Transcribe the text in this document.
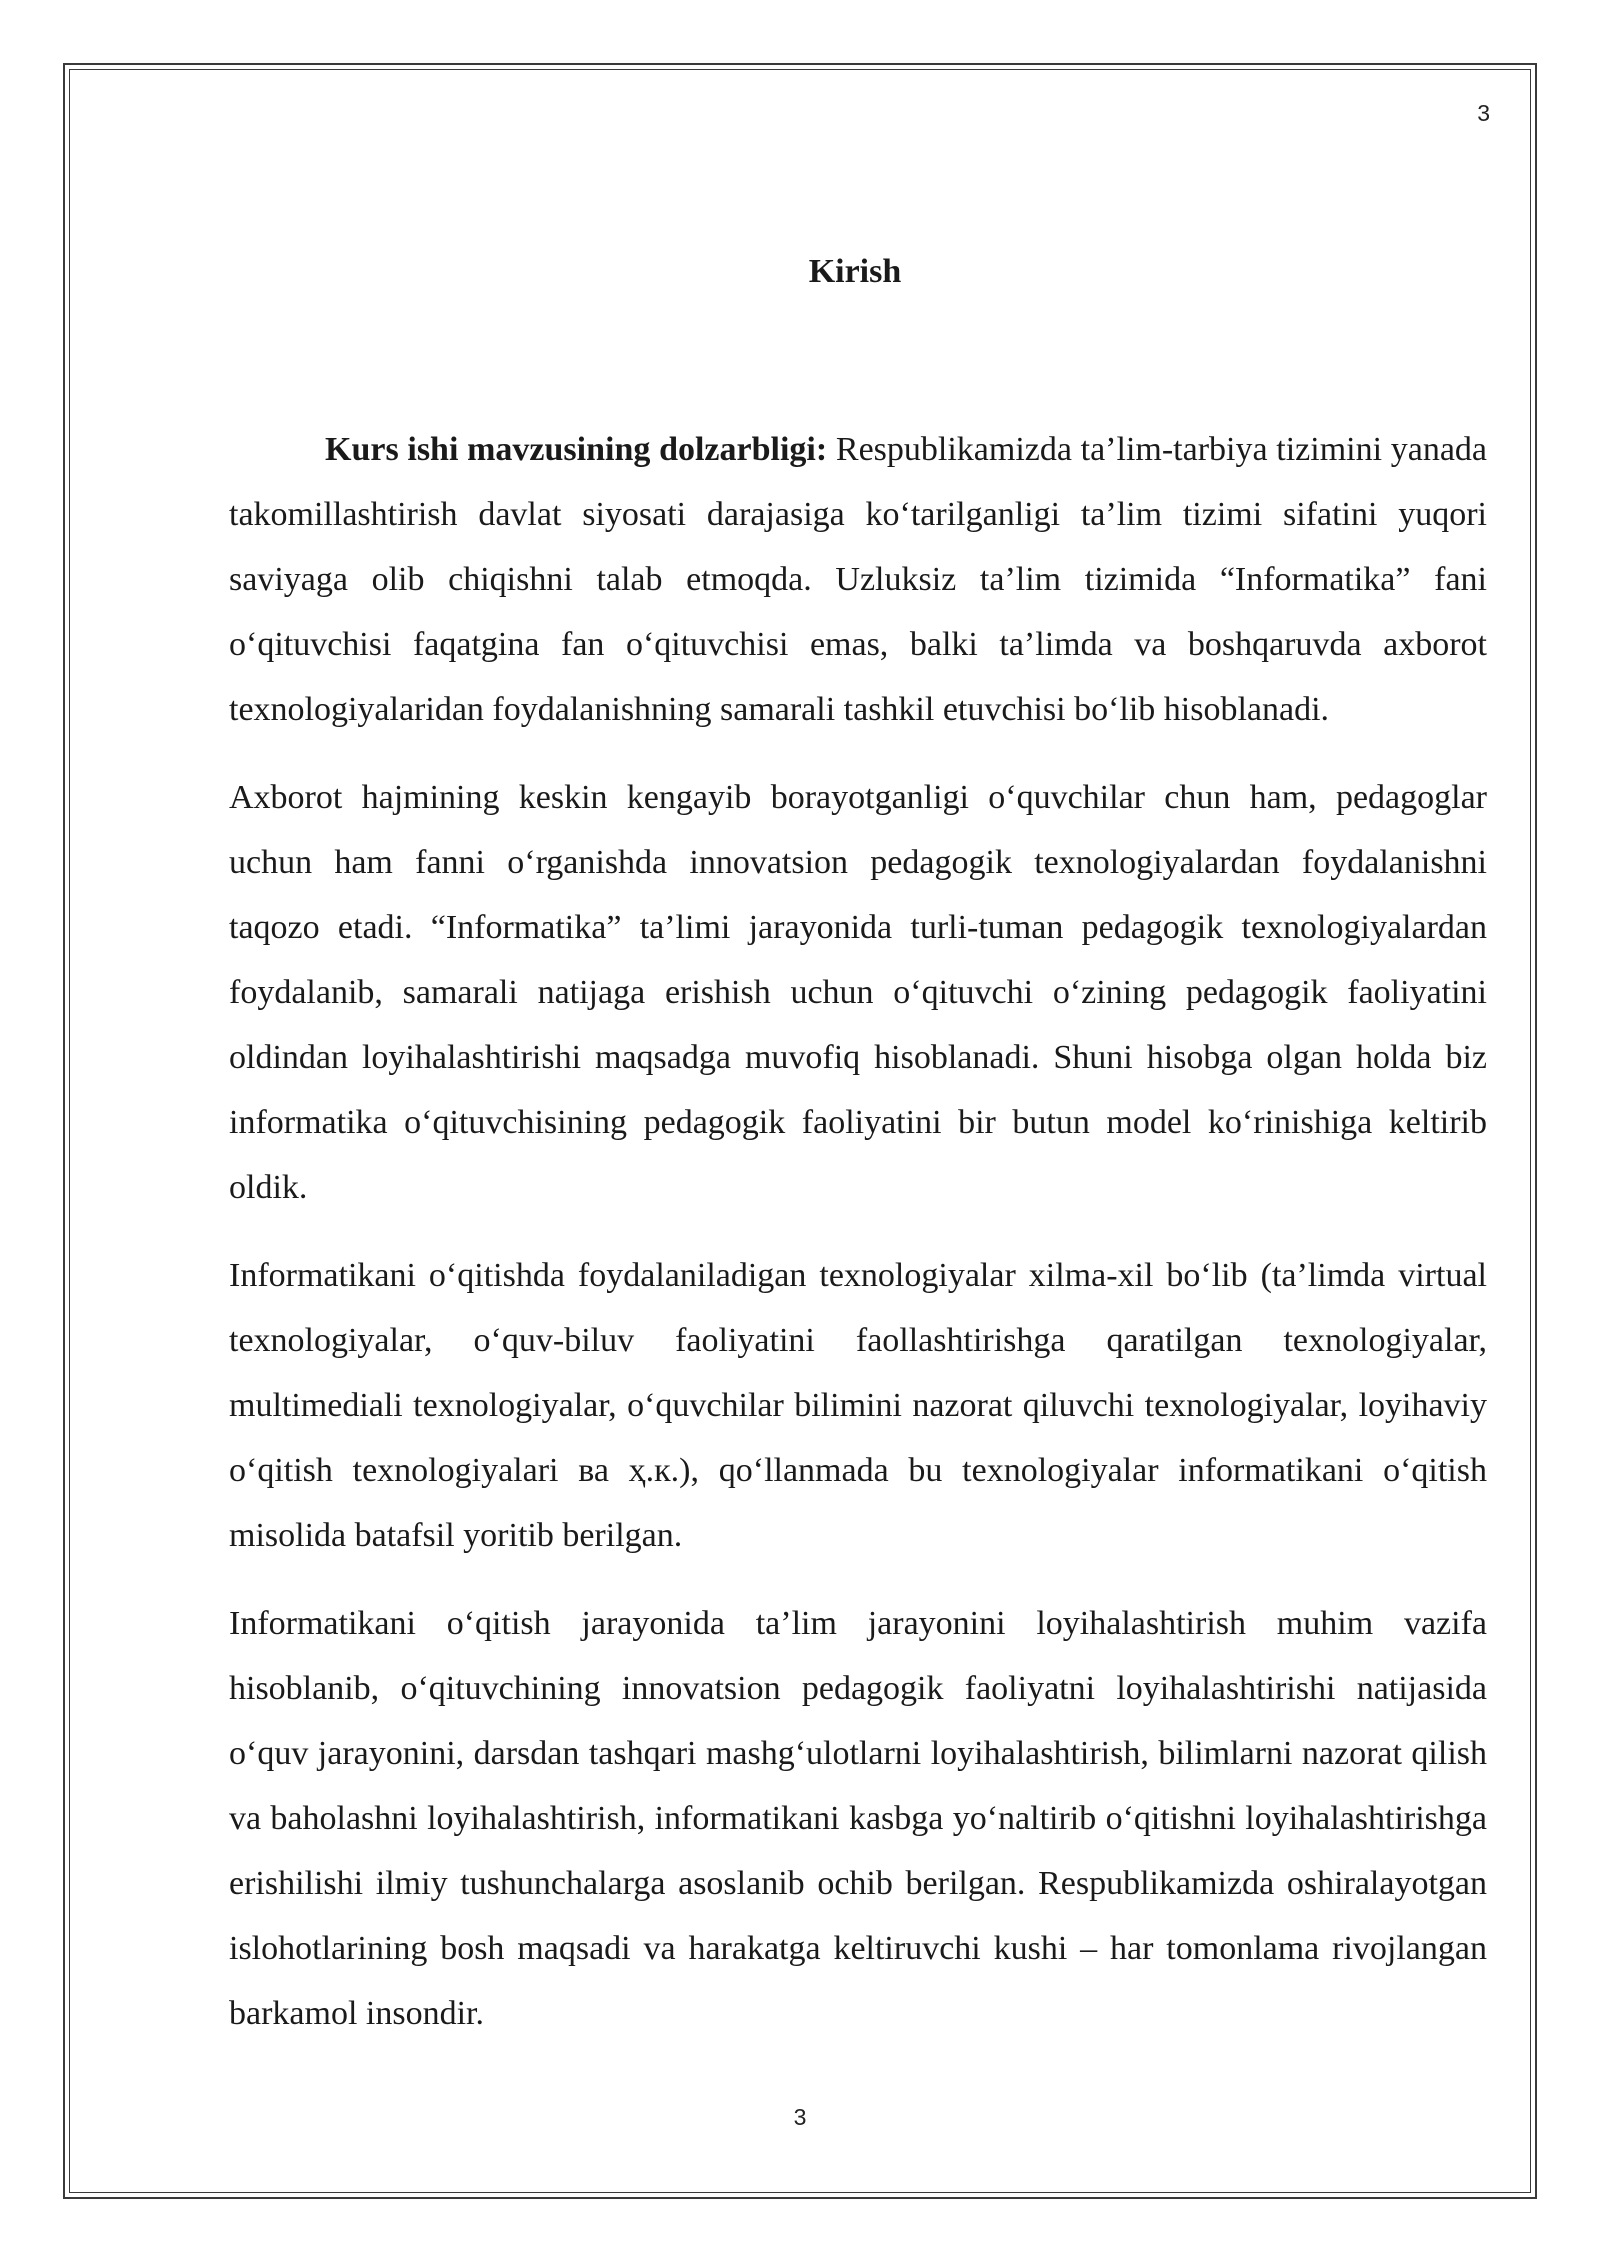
3
Kirish

Kurs ishi mavzusining dolzarbligi: Respublikamizda ta’lim-tarbiya tizimini yanada takomillashtirish davlat siyosati darajasiga ko‘tarilganligi ta’lim tizimi sifatini yuqori saviyaga olib chiqishni talab etmoqda. Uzluksiz ta’lim tizimida “Informatika” fani o‘qituvchisi faqatgina fan o‘qituvchisi emas, balki ta’limda va boshqaruvda axborot texnologiyalaridan foydalanishning samarali tashkil etuvchisi bo‘lib hisoblanadi.

Axborot hajmining keskin kengayib borayotganligi o‘quvchilar chun ham, pedagoglar uchun ham fanni o‘rganishda innovatsion pedagogik texnologiyalardan foydalanishni taqozo etadi. “Informatika” ta’limi jarayonida turli-tuman pedagogik texnologiyalardan foydalanib, samarali natijaga erishish uchun o‘qituvchi o‘zining pedagogik faoliyatini oldindan loyihalashtirishi maqsadga muvofiq hisoblanadi. Shuni hisobga olgan holda biz informatika o‘qituvchisining pedagogik faoliyatini bir butun model ko‘rinishiga keltirib oldik.

Informatikani o‘qitishda foydalaniladigan texnologiyalar xilma-xil bo‘lib (ta’limda virtual texnologiyalar, o‘quv-biluv faoliyatini faollashtirishga qaratilgan texnologiyalar, multimediali texnologiyalar, o‘quvchilar bilimini nazorat qiluvchi texnologiyalar, loyihaviy o‘qitish texnologiyalari ва ҳ.к.), qo‘llanmada bu texnologiyalar informatikani o‘qitish misolida batafsil yoritib berilgan.

Informatikani o‘qitish jarayonida ta’lim jarayonini loyihalashtirish muhim vazifa hisoblanib, o‘qituvchining innovatsion pedagogik faoliyatni loyihalashtirishi natijasida o‘quv jarayonini, darsdan tashqari mashg‘ulotlarni loyihalashtirish, bilimlarni nazorat qilish va baholashni loyihalashtirish, informatikani kasbga yo‘naltirib o‘qitishni loyihalashtirishga erishilishi ilmiy tushunchalarga asoslanib ochib berilgan. Respublikamizda oshiralayotgan islohotlarining bosh maqsadi va harakatga keltiruvchi kushi – har tomonlama rivojlangan barkamol insondir.

3
